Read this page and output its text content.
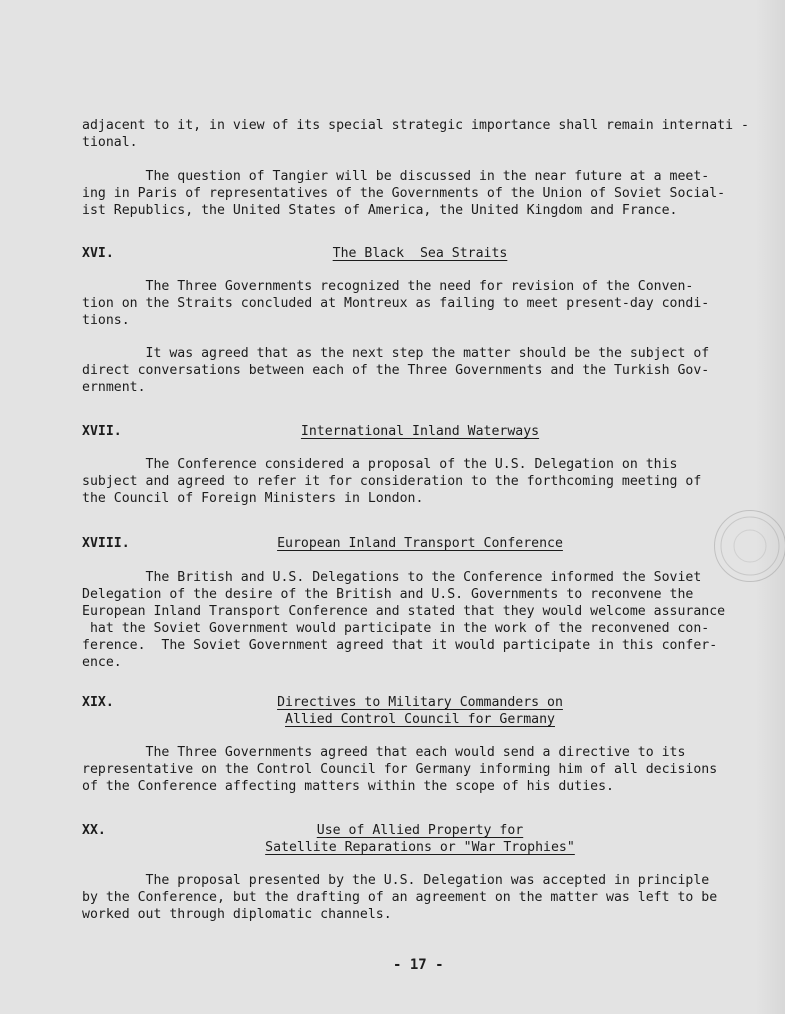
adjacent to it, in view of its special strategic importance shall remain internati -
tional.
The question of Tangier will be discussed in the near future at a meet-
ing in Paris of representatives of the Governments of the Union of Soviet Social-
ist Republics, the United States of America, the United Kingdom and France.
XVI.	The Black  Sea Straits
The Three Governments recognized the need for revision of the Conven-
tion on the Straits concluded at Montreux as failing to meet present-day condi-
tions.
It was agreed that as the next step the matter should be the subject of
direct conversations between each of the Three Governments and the Turkish Gov-
ernment.
XVII.	International Inland Waterways
The Conference considered a proposal of the U.S. Delegation on this
subject and agreed to refer it for consideration to the forthcoming meeting of
the Council of Foreign Ministers in London.
XVIII.	European Inland Transport Conference
The British and U.S. Delegations to the Conference informed the Soviet
Delegation of the desire of the British and U.S. Governments to reconvene the
European Inland Transport Conference and stated that they would welcome assurance
hat the Soviet Government would participate in the work of the reconvened con-
ference.  The Soviet Government agreed that it would participate in this confer-
ence.
XIX.	Directives to Military Commanders on
Allied Control Council for Germany
The Three Governments agreed that each would send a directive to its
representative on the Control Council for Germany informing him of all decisions
of the Conference affecting matters within the scope of his duties.
XX.	Use of Allied Property for
Satellite Reparations or "War Trophies"
The proposal presented by the U.S. Delegation was accepted in principle
by the Conference, but the drafting of an agreement on the matter was left to be
worked out through diplomatic channels.
- 17 -
